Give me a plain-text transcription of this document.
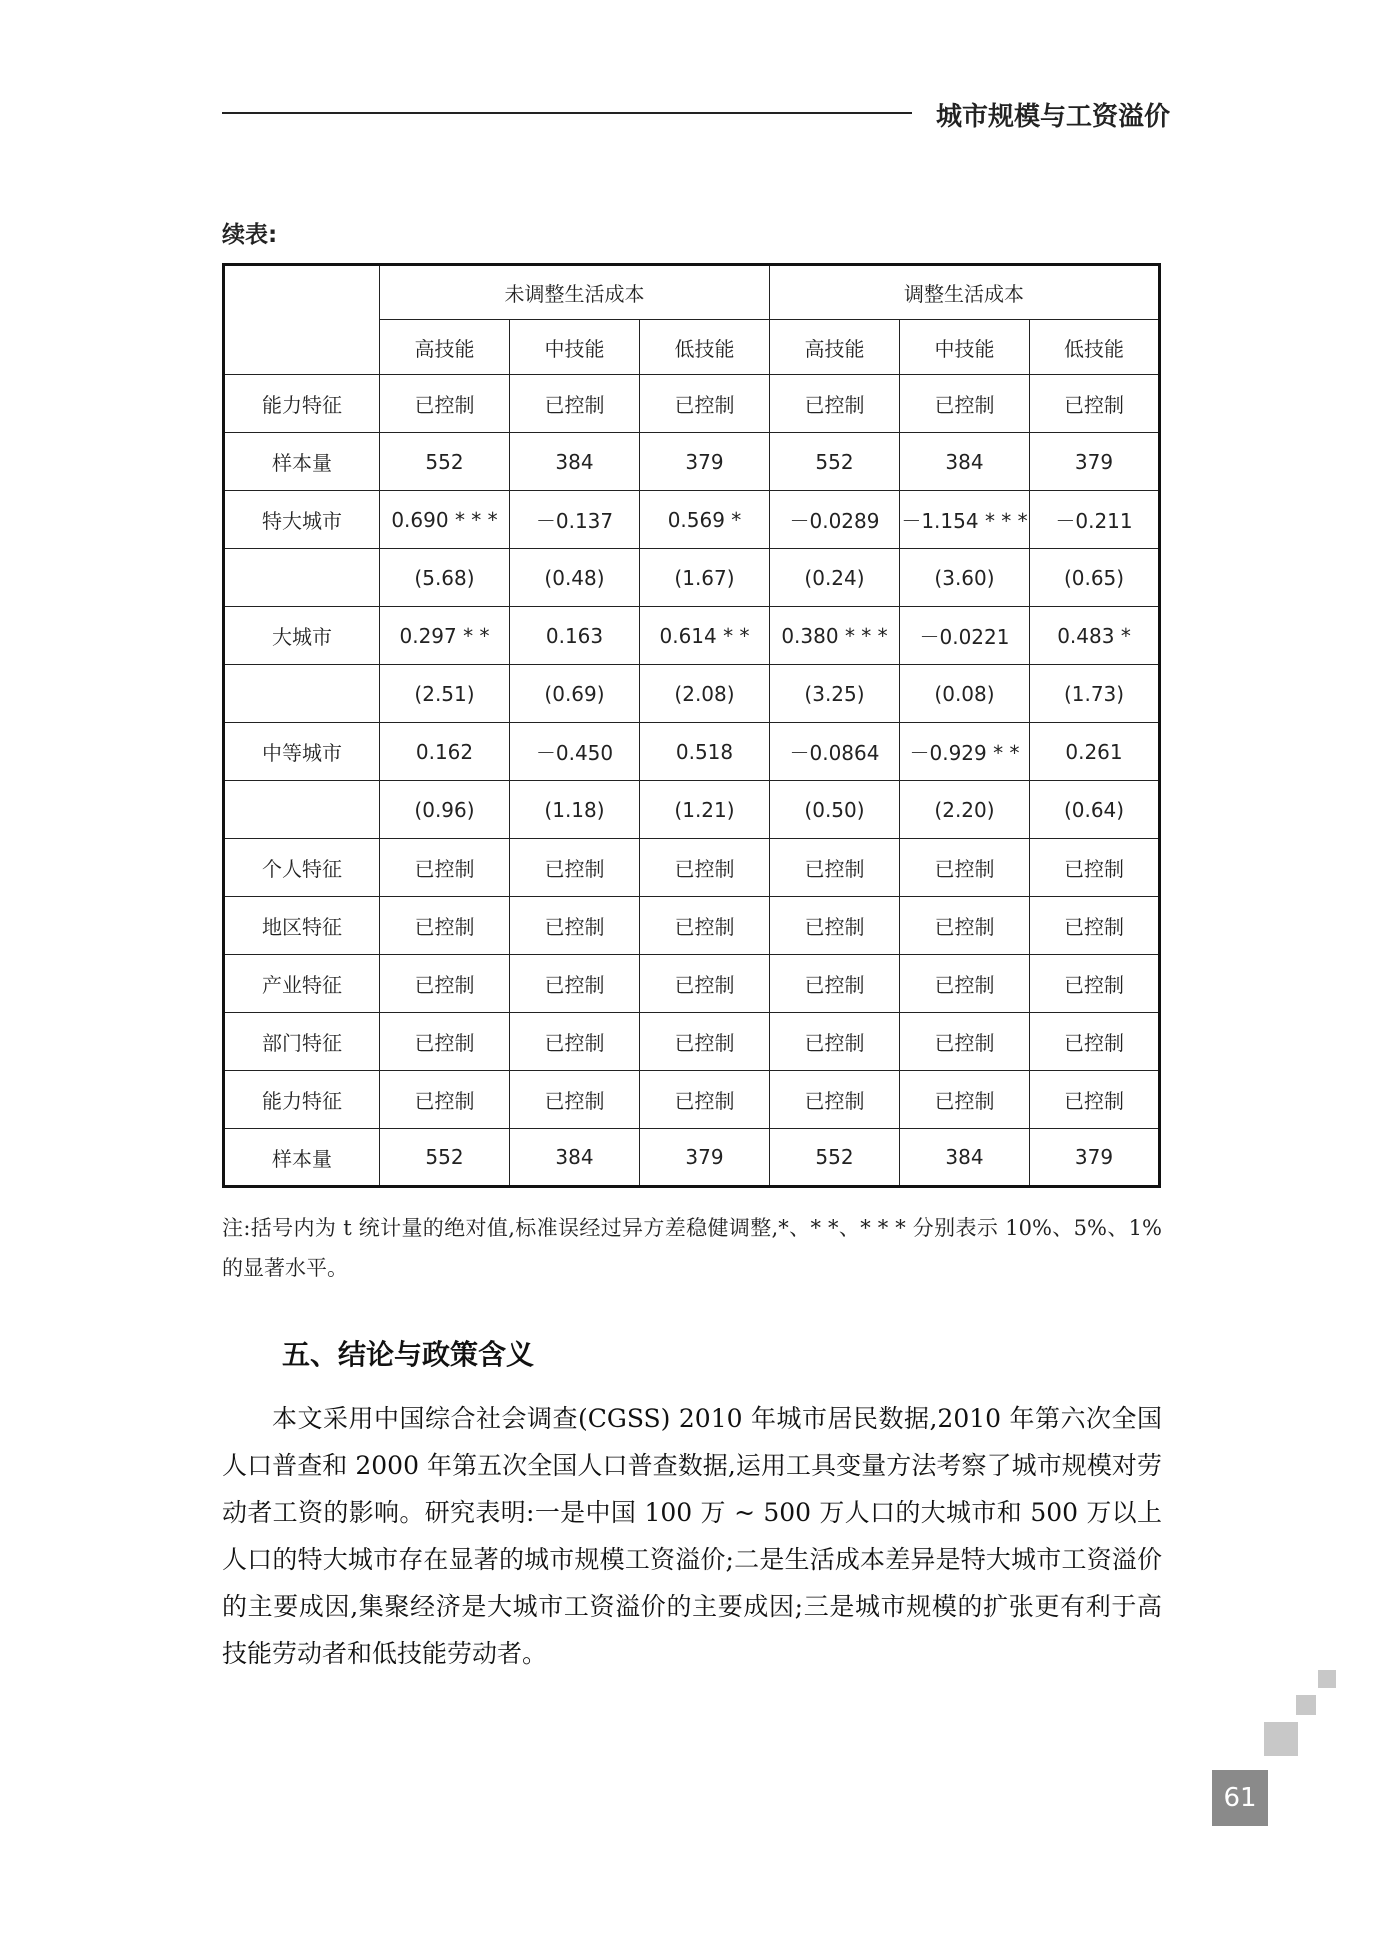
城市规模与工资溢价
续表:
	未调整生活成本			调整生活成本		
	高技能	中技能	低技能	高技能	中技能	低技能
能力特征	已控制	已控制	已控制	已控制	已控制	已控制
样本量	552	384	379	552	384	379
特大城市	0.690 * * *	－0.137	0.569 *	－0.0289	－1.154 * * *	－0.211
	(5.68)	(0.48)	(1.67)	(0.24)	(3.60)	(0.65)
大城市	0.297 * *	0.163	0.614 * *	0.380 * * *	－0.0221	0.483 *
	(2.51)	(0.69)	(2.08)	(3.25)	(0.08)	(1.73)
中等城市	0.162	－0.450	0.518	－0.0864	－0.929 * *	0.261
	(0.96)	(1.18)	(1.21)	(0.50)	(2.20)	(0.64)
个人特征	已控制	已控制	已控制	已控制	已控制	已控制
地区特征	已控制	已控制	已控制	已控制	已控制	已控制
产业特征	已控制	已控制	已控制	已控制	已控制	已控制
部门特征	已控制	已控制	已控制	已控制	已控制	已控制
能力特征	已控制	已控制	已控制	已控制	已控制	已控制
样本量	552	384	379	552	384	379
注:括号内为 t 统计量的绝对值,标准误经过异方差稳健调整,*、* *、* * * 分别表示 10%、5%、1% 的显著水平。
五、结论与政策含义
本文采用中国综合社会调查(CGSS) 2010 年城市居民数据,2010 年第六次全国人口普查和 2000 年第五次全国人口普查数据,运用工具变量方法考察了城市规模对劳动者工资的影响。研究表明:一是中国 100 万 ~ 500 万人口的大城市和 500 万以上人口的特大城市存在显著的城市规模工资溢价;二是生活成本差异是特大城市工资溢价的主要成因,集聚经济是大城市工资溢价的主要成因;三是城市规模的扩张更有利于高技能劳动者和低技能劳动者。
61
